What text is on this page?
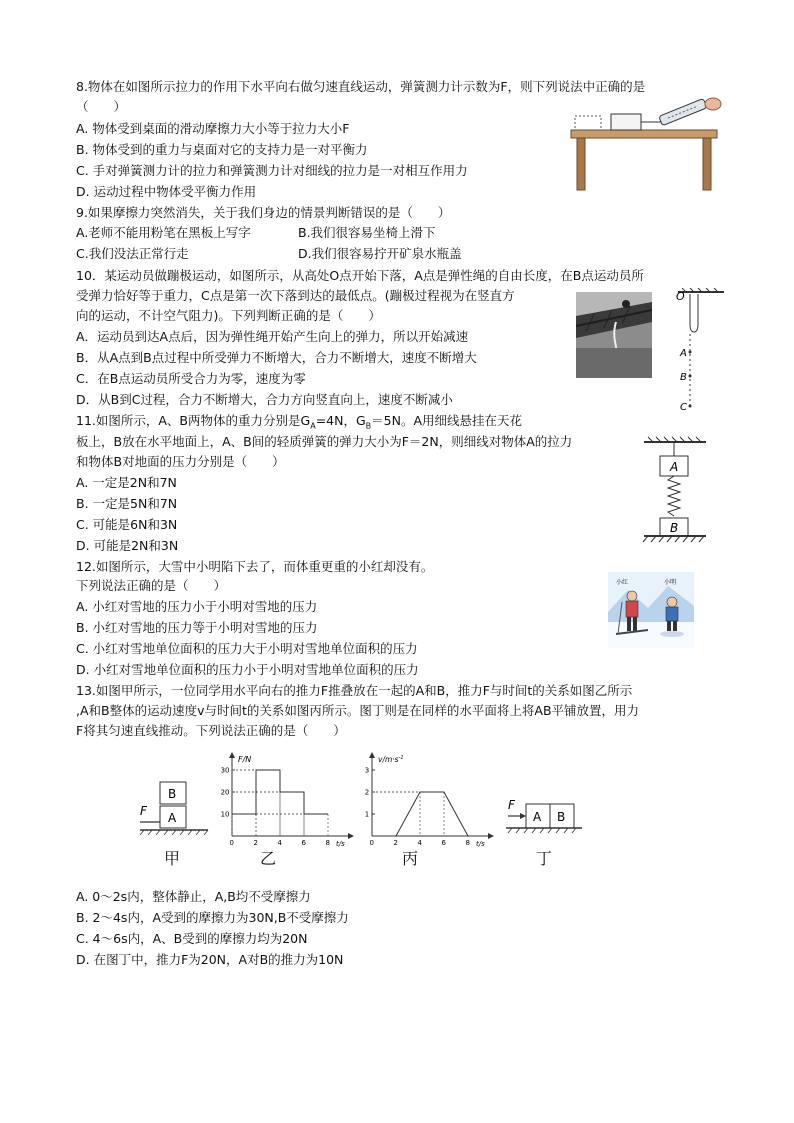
8.物体在如图所示拉力的作用下水平向右做匀速直线运动，弹簧测力计示数为F，则下列说法中正确的是
（　　）
A. 物体受到桌面的滑动摩擦力大小等于拉力大小F
B. 物体受到的重力与桌面对它的支持力是一对平衡力
C. 手对弹簧测力计的拉力和弹簧测力计对细线的拉力是一对相互作用力
D. 运动过程中物体受平衡力作用
9.如果摩擦力突然消失，关于我们身边的情景判断错误的是（　　）
A.老师不能用粉笔在黑板上写字	B.我们很容易坐椅上滑下
C.我们没法正常行走	D.我们很容易拧开矿泉水瓶盖
10．某运动员做蹦极运动，如图所示，从高处O点开始下落，A点是弹性绳的自由长度，在B点运动员所
受弹力恰好等于重力，C点是第一次下落到达的最低点。(蹦极过程视为在竖直方
向的运动，不计空气阻力)。下列判断正确的是（　　）
A．运动员到达A点后，因为弹性绳开始产生向上的弹力，所以开始减速
B．从A点到B点过程中所受弹力不断增大，合力不断增大，速度不断增大
C．在B点运动员所受合力为零，速度为零
D．从B到C过程，合力不断增大，合力方向竖直向上，速度不断减小
O
A
B
C
11.如图所示，A、B两物体的重力分别是$G_A=4N$，$G_B=5N$。A用细线悬挂在天花
板上，B放在水平地面上，A、B间的轻质弹簧的弹力大小为F＝2N，则细线对物体A的拉力
和物体B对地面的压力分别是（　　）
A. 一定是2N和7N
B. 一定是5N和7N
C. 可能是6N和3N
D. 可能是2N和3N
A
B
12.如图所示，大雪中小明陷下去了，而体重更重的小红却没有。
下列说法正确的是（　　）
A. 小红对雪地的压力小于小明对雪地的压力
B. 小红对雪地的压力等于小明对雪地的压力
C. 小红对雪地单位面积的压力大于小明对雪地单位面积的压力
D. 小红对雪地单位面积的压力小于小明对雪地单位面积的压力
小红	小明
13.如图甲所示，一位同学用水平向右的推力F推叠放在一起的A和B，推力F与时间t的关系如图乙所示
,A和B整体的运动速度v与时间t的关系如图丙所示。图丁则是在同样的水平面将上将AB平铺放置，用力
F将其匀速直线推动。下列说法正确的是（　　）
F
B
A
甲
F/N
t/s
0	2	4	6	8
10
20
30
乙
$v/m\cdot s^{-1}$
t/s
0	2	4	6	8
1
2
3
丙
F
A B
丁
A. 0～2s内，整体静止，A,B均不受摩擦力
B. 2～4s内，A受到的摩擦力为30N,B不受摩擦力
C. 4～6s内，A、B受到的摩擦力均为20N
D. 在图丁中，推力F为20N，A对B的推力为10N
